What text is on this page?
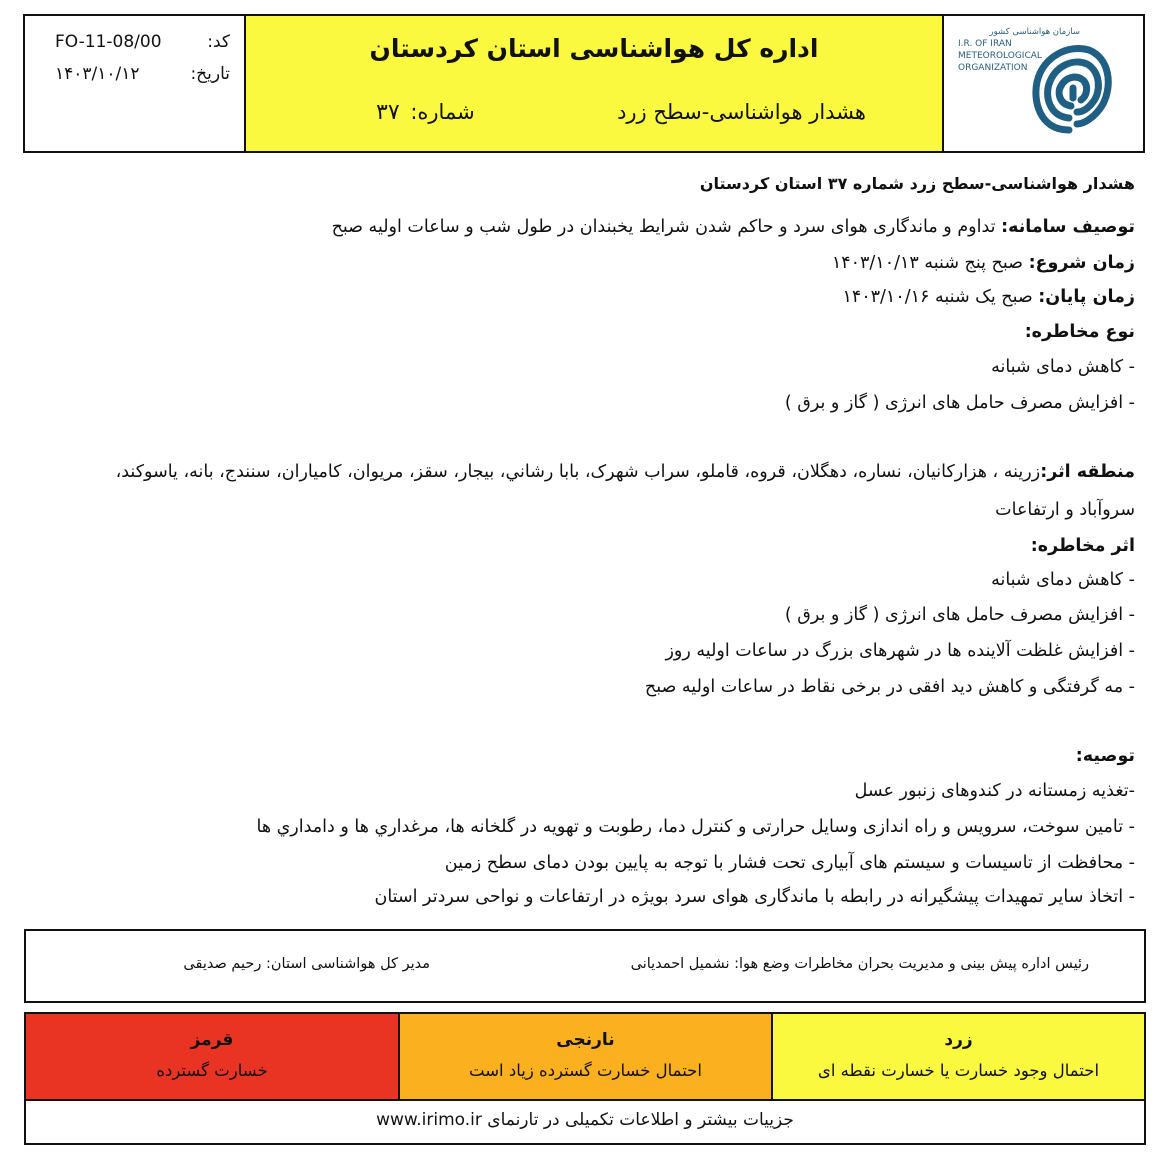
سازمان هواشناسی کشور
I.R. OF IRAN
METEOROLOGICAL
ORGANIZATION
اداره کل هواشناسی استان کردستان
هشدار هواشناسی-سطح زرد
شماره: ۳۷
کد:
FO-11-08/00
تاریخ:
۱۴۰۳/۱۰/۱۲
هشدار هواشناسی-سطح زرد شماره ۳۷ استان کردستان
توصیف سامانه: تداوم و ماندگاری هوای سرد و حاکم شدن شرایط یخبندان در طول شب و ساعات اولیه صبح
زمان شروع: صبح پنج شنبه ۱۴۰۳/۱۰/۱۳
زمان پایان: صبح یک شنبه ۱۴۰۳/۱۰/۱۶
نوع مخاطره:
- کاهش دمای شبانه
- افزایش مصرف حامل های انرژی ( گاز و برق )
منطقه اثر:زرینه ، هزارکانیان، نساره، دهگلان، قروه، قاملو، سراب شهرک، بابا رشاني، بیجار، سقز، مریوان، کامیاران، سنندج، بانه، یاسوکند،
سروآباد و ارتفاعات
اثر مخاطره:
- کاهش دمای شبانه
- افزایش مصرف حامل های انرژی ( گاز و برق )
- افزایش غلظت آلاینده ها در شهرهای بزرگ در ساعات اولیه روز
- مه گرفتگی و کاهش دید افقی در برخی نقاط در ساعات اولیه صبح
توصیه:
-تغذیه زمستانه در کندوهای زنبور عسل
- تامین سوخت، سرویس و راه اندازی وسایل حرارتی و کنترل دما، رطوبت و تهویه در گلخانه ها، مرغداري ها و دامداري ها
- محافظت از تاسیسات و سیستم های آبیاری تحت فشار با توجه به پایین بودن دمای سطح زمین
- اتخاذ سایر تمهیدات پیشگیرانه در رابطه با ماندگاری هوای سرد بویژه در ارتفاعات و نواحی سردتر استان
رئیس اداره پیش بینی و مدیریت بحران مخاطرات وضع هوا: نشمیل احمدیانی
مدیر کل هواشناسی استان: رحیم صدیقی
زرد
احتمال وجود خسارت یا خسارت نقطه ای
نارنجی
احتمال خسارت گسترده زیاد است
قرمز
خسارت گسترده
جزییات بیشتر و اطلاعات تکمیلی در تارنمای www.irimo.ir
